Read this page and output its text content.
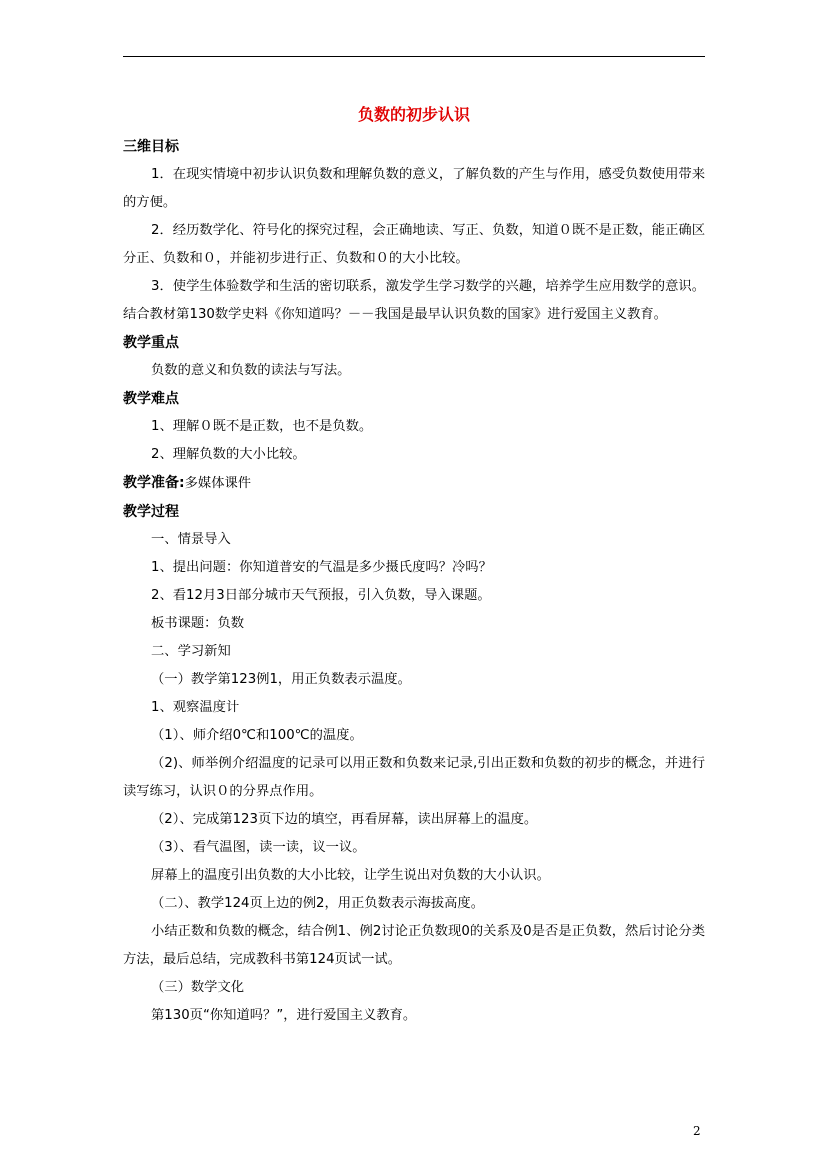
负数的初步认识

三维目标

1．在现实情境中初步认识负数和理解负数的意义，了解负数的产生与作用，感受负数使用带来的方便。

2．经历数学化、符号化的探究过程，会正确地读、写正、负数，知道０既不是正数，能正确区分正、负数和０，并能初步进行正、负数和０的大小比较。

3．使学生体验数学和生活的密切联系，激发学生学习数学的兴趣，培养学生应用数学的意识。结合教材第130数学史料《你知道吗？－－我国是最早认识负数的国家》进行爱国主义教育。

教学重点

负数的意义和负数的读法与写法。

教学难点

1、理解０既不是正数，也不是负数。

2、理解负数的大小比较。

教学准备:多媒体课件

教学过程

一、情景导入

1、提出问题：你知道普安的气温是多少摄氏度吗？冷吗？

2、看12月3日部分城市天气预报，引入负数，导入课题。

板书课题：负数

二、学习新知

（一）教学第123例1，用正负数表示温度。

1、观察温度计

（1）、师介绍0℃和100℃的温度。

（2)、师举例介绍温度的记录可以用正数和负数来记录,引出正数和负数的初步的概念，并进行读写练习，认识０的分界点作用。

（2）、完成第123页下边的填空，再看屏幕，读出屏幕上的温度。

（3）、看气温图，读一读，议一议。

屏幕上的温度引出负数的大小比较，让学生说出对负数的大小认识。

（二）、教学124页上边的例2，用正负数表示海拔高度。

小结正数和负数的概念，结合例1、例2讨论正负数现0的关系及0是否是正负数，然后讨论分类方法，最后总结，完成教科书第124页试一试。

（三）数学文化

第130页“你知道吗？”，进行爱国主义教育。

2
